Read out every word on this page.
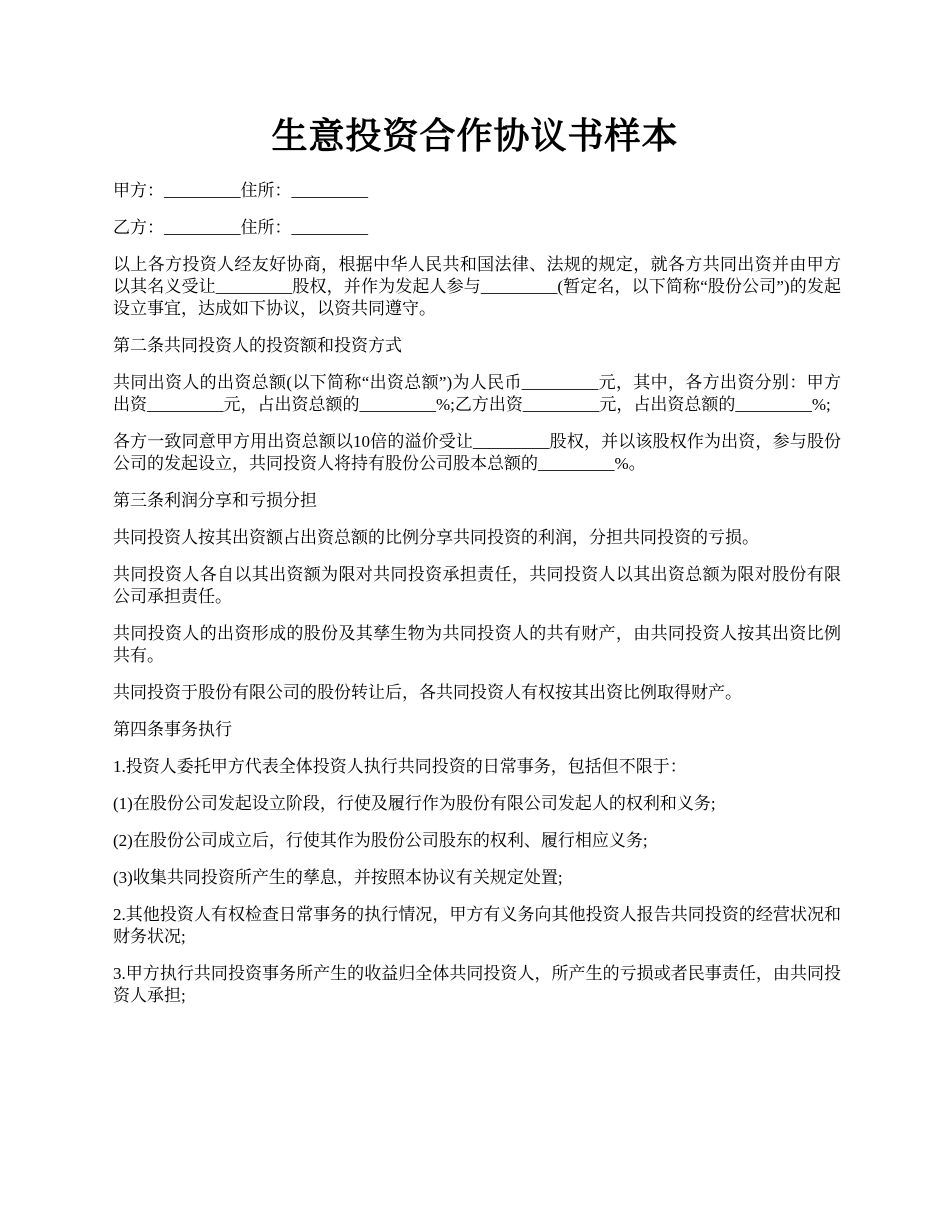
生意投资合作协议书样本

甲方：_________住所：_________

乙方：_________住所：_________

以上各方投资人经友好协商，根据中华人民共和国法律、法规的规定，就各方共同出资并由甲方以其名义受让_________股权，并作为发起人参与_________(暂定名，以下简称“股份公司”)的发起设立事宜，达成如下协议，以资共同遵守。

第二条共同投资人的投资额和投资方式

共同出资人的出资总额(以下简称“出资总额”)为人民币_________元，其中，各方出资分别：甲方出资_________元，占出资总额的_________%;乙方出资_________元，占出资总额的_________%;

各方一致同意甲方用出资总额以10倍的溢价受让_________股权，并以该股权作为出资，参与股份公司的发起设立，共同投资人将持有股份公司股本总额的_________%。

第三条利润分享和亏损分担

共同投资人按其出资额占出资总额的比例分享共同投资的利润，分担共同投资的亏损。

共同投资人各自以其出资额为限对共同投资承担责任，共同投资人以其出资总额为限对股份有限公司承担责任。

共同投资人的出资形成的股份及其孳生物为共同投资人的共有财产，由共同投资人按其出资比例共有。

共同投资于股份有限公司的股份转让后，各共同投资人有权按其出资比例取得财产。

第四条事务执行

1.投资人委托甲方代表全体投资人执行共同投资的日常事务，包括但不限于：

(1)在股份公司发起设立阶段，行使及履行作为股份有限公司发起人的权利和义务;

(2)在股份公司成立后，行使其作为股份公司股东的权利、履行相应义务;

(3)收集共同投资所产生的孳息，并按照本协议有关规定处置;

2.其他投资人有权检查日常事务的执行情况，甲方有义务向其他投资人报告共同投资的经营状况和财务状况;

3.甲方执行共同投资事务所产生的收益归全体共同投资人，所产生的亏损或者民事责任，由共同投资人承担;
